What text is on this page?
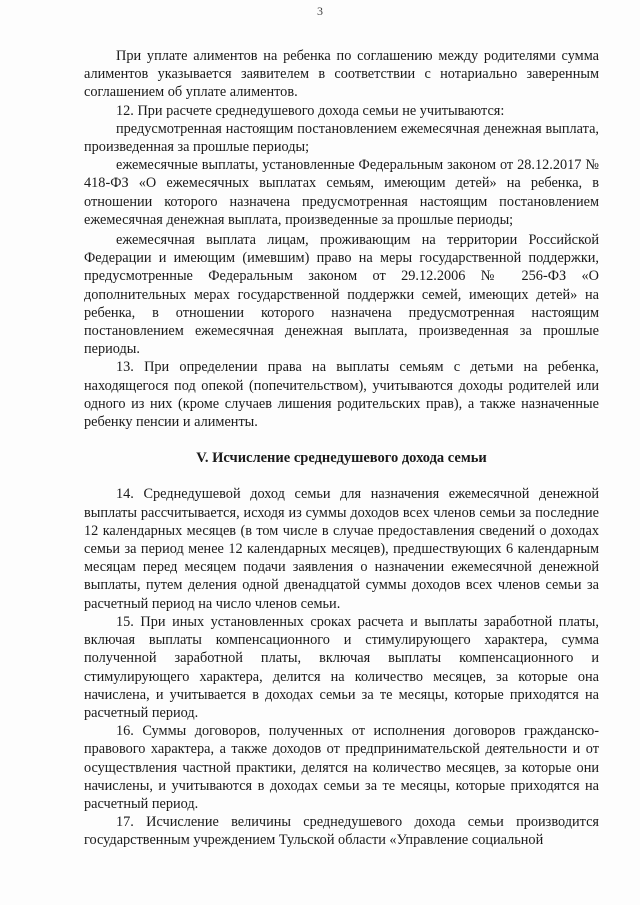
3

При уплате алиментов на ребенка по соглашению между родителями сумма алиментов указывается заявителем в соответствии с нотариально заверенным соглашением об уплате алиментов.

12. При расчете среднедушевого дохода семьи не учитываются:

предусмотренная настоящим постановлением ежемесячная денежная выплата, произведенная за прошлые периоды;

ежемесячные выплаты, установленные Федеральным законом от 28.12.2017 № 418-ФЗ «О ежемесячных выплатах семьям, имеющим детей» на ребенка, в отношении которого назначена предусмотренная настоящим постановлением ежемесячная денежная выплата, произведенные за прошлые периоды;

ежемесячная выплата лицам, проживающим на территории Российской Федерации и имеющим (имевшим) право на меры государственной поддержки, предусмотренные Федеральным законом от 29.12.2006 № 256-ФЗ «О дополнительных мерах государственной поддержки семей, имеющих детей» на ребенка, в отношении которого назначена предусмотренная настоящим постановлением ежемесячная денежная выплата, произведенная за прошлые периоды.

13. При определении права на выплаты семьям с детьми на ребенка, находящегося под опекой (попечительством), учитываются доходы родителей или одного из них (кроме случаев лишения родительских прав), а также назначенные ребенку пенсии и алименты.

V. Исчисление среднедушевого дохода семьи

14. Среднедушевой доход семьи для назначения ежемесячной денежной выплаты рассчитывается, исходя из суммы доходов всех членов семьи за последние 12 календарных месяцев (в том числе в случае предоставления сведений о доходах семьи за период менее 12 календарных месяцев), предшествующих 6 календарным месяцам перед месяцем подачи заявления о назначении ежемесячной денежной выплаты, путем деления одной двенадцатой суммы доходов всех членов семьи за расчетный период на число членов семьи.

15. При иных установленных сроках расчета и выплаты заработной платы, включая выплаты компенсационного и стимулирующего характера, сумма полученной заработной платы, включая выплаты компенсационного и стимулирующего характера, делится на количество месяцев, за которые она начислена, и учитывается в доходах семьи за те месяцы, которые приходятся на расчетный период.

16. Суммы договоров, полученных от исполнения договоров гражданско-правового характера, а также доходов от предпринимательской деятельности и от осуществления частной практики, делятся на количество месяцев, за которые они начислены, и учитываются в доходах семьи за те месяцы, которые приходятся на расчетный период.

17. Исчисление величины среднедушевого дохода семьи производится государственным учреждением Тульской области «Управление социальной
